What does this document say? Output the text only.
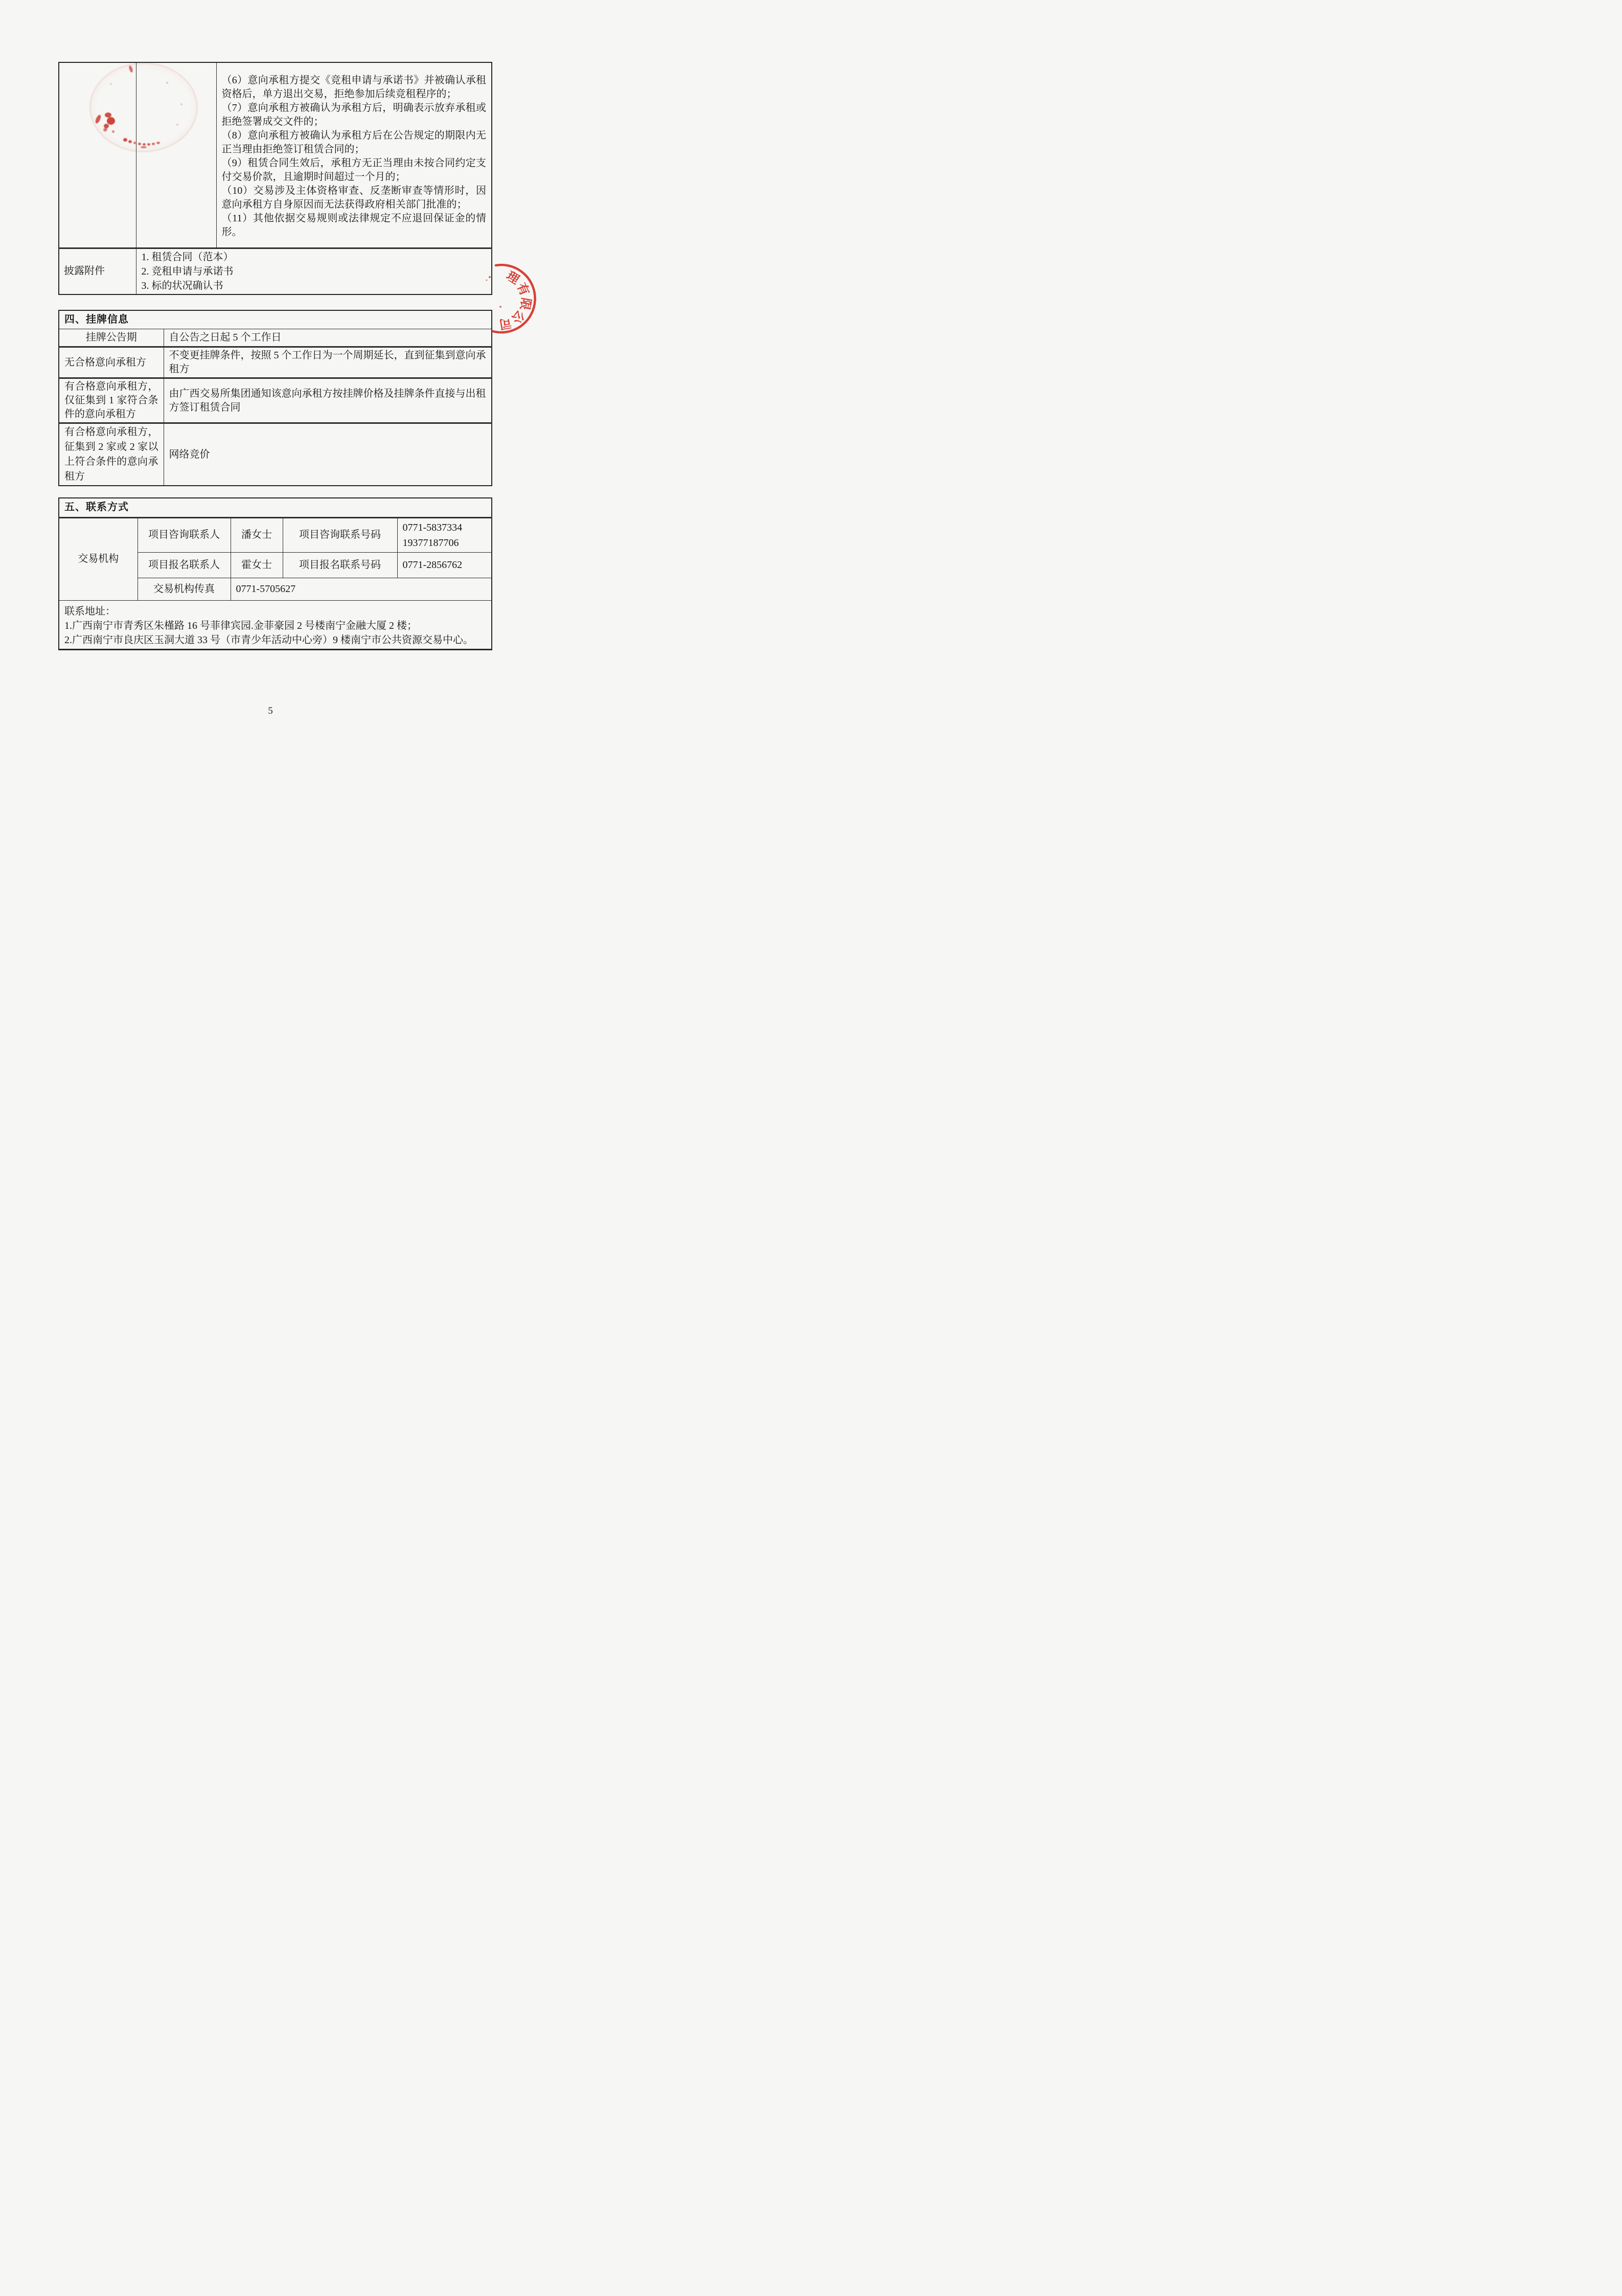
（6）意向承租方提交《竞租申请与承诺书》并被确认承租资格后，单方退出交易，拒绝参加后续竞租程序的；

（7）意向承租方被确认为承租方后，明确表示放弃承租或拒绝签署成交文件的；

（8）意向承租方被确认为承租方后在公告规定的期限内无正当理由拒绝签订租赁合同的；

（9）租赁合同生效后，承租方无正当理由未按合同约定支付交易价款，且逾期时间超过一个月的；

（10）交易涉及主体资格审查、反垄断审查等情形时，因意向承租方自身原因而无法获得政府相关部门批准的；

（11）其他依据交易规则或法律规定不应退回保证金的情形。

披露附件	1. 租赁合同（范本）
2. 竞租申请与承诺书
3. 标的状况确认书	
四、挂牌信息	
挂牌公告期	自公告之日起 5 个工作日
无合格意向承租方	不变更挂牌条件，按照 5 个工作日为一个周期延长，直到征集到意向承租方
有合格意向承租方，仅征集到 1 家符合条件的意向承租方	由广西交易所集团通知该意向承租方按挂牌价格及挂牌条件直接与出租方签订租赁合同
有合格意向承租方，征集到 2 家或 2 家以上符合条件的意向承租方	网络竞价
五、联系方式				
交易机构	项目咨询联系人	潘女士	项目咨询联系号码	0771-5837334
19377187706

	项目报名联系人	霍女士	项目报名联系号码	0771-2856762
	交易机构传真	0771-5705627		

联系地址：
1.广西南宁市青秀区朱槿路 16 号菲律宾园.金菲豪园 2 号楼南宁金融大厦 2 楼；
2.广西南宁市良庆区玉洞大道 33 号（市青少年活动中心旁）9 楼南宁市公共资源交易中心。				
理
有
限
公
司
5
